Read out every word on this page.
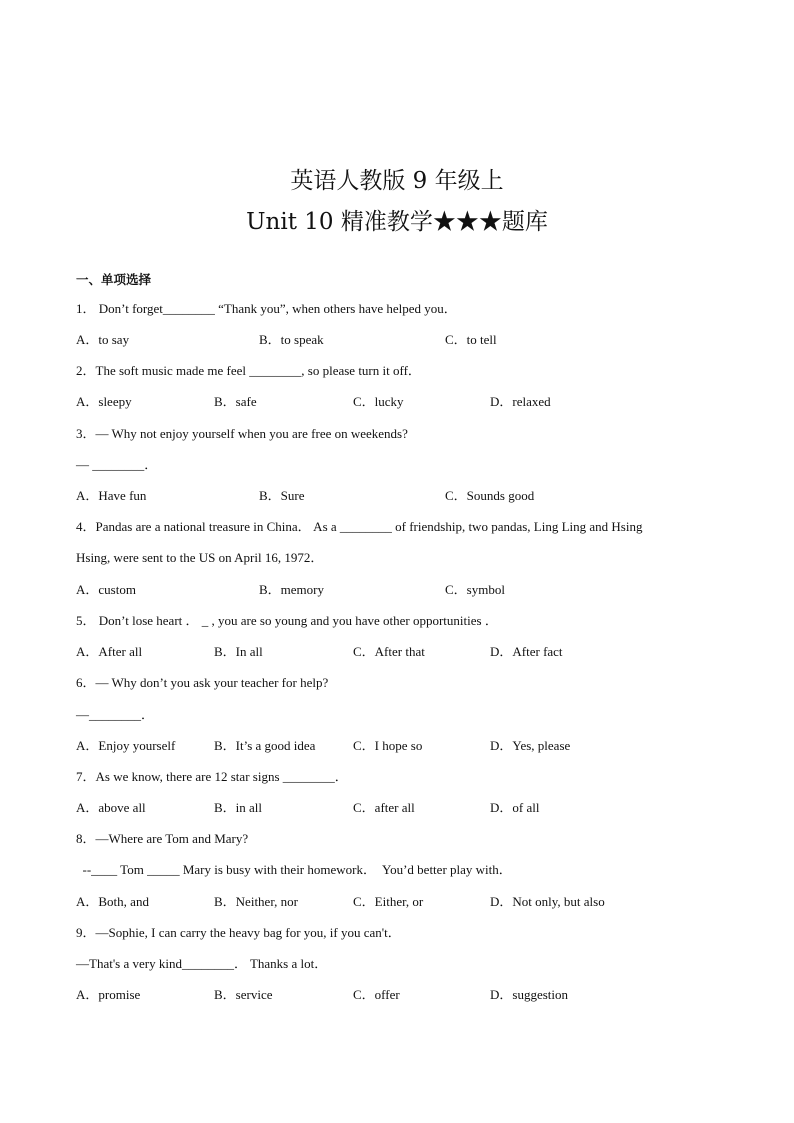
英语人教版 9 年级上
Unit 10 精准教学★★★题库
一、单项选择
1． Don’t forget________ “Thank you”, when others have helped you．
A．to say	B．to speak	C．to tell
2．The soft music made me feel ________, so please turn it off．
A．sleepy	B．safe	C．lucky	D．relaxed
3．— Why not enjoy yourself when you are free on weekends?
— ________．
A．Have fun	B．Sure	C．Sounds good
4．Pandas are a national treasure in China． As a ________ of friendship, two pandas, Ling Ling and Hsing
Hsing, were sent to the US on April 16, 1972．
A．custom	B．memory	C．symbol
5． Don’t lose heart ． _ , you are so young and you have other opportunities ．
A．After all	B．In all	C．After that	D．After fact
6．— Why don’t you ask your teacher for help?
—________．
A．Enjoy yourself	B．It’s a good idea	C．I hope so	D．Yes, please
7．As we know, there are 12 star signs ________．
A．above all	B．in all	C．after all	D．of all
8．—Where are Tom and Mary?
--____ Tom _____ Mary is busy with their homework．  You’d better play with．
A．Both, and	B．Neither, nor	C．Either, or	D．Not only, but also
9．—Sophie, I can carry the heavy bag for you, if you can't．
—That's a very kind________． Thanks a lot．
A．promise	B．service	C．offer	D．suggestion
